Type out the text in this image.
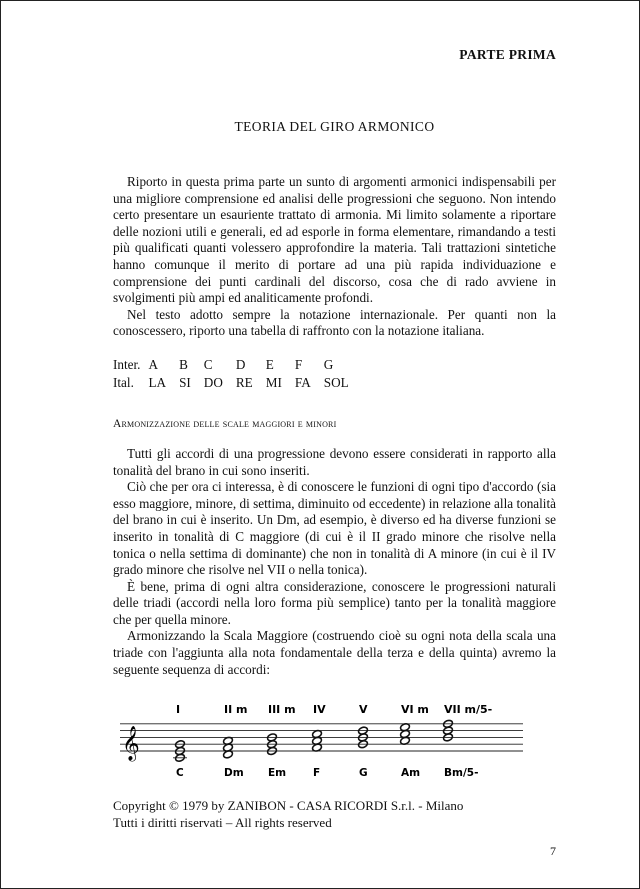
PARTE PRIMA
TEORIA DEL GIRO ARMONICO

Riporto in questa prima parte un sunto di argomenti armonici indispensabili per una migliore comprensione ed analisi delle progressioni che seguono. Non intendo certo presentare un esauriente trattato di armonia. Mi limito solamente a riportare delle nozioni utili e generali, ed ad esporle in forma elementare, rimandando a testi più qualificati quanti volessero approfondire la materia. Tali trattazioni sintetiche hanno comunque il merito di portare ad una più rapida individuazione e comprensione dei punti cardinali del discorso, cosa che di rado avviene in svolgimenti più ampi ed analiticamente profondi.

Nel testo adotto sempre la notazione internazionale. Per quanti non la conoscessero, riporto una tabella di raffronto con la notazione italiana.

Inter.	A	B	C	D	E	F	G
Ital.	LA	SI	DO	RE	MI	FA	SOL
Armonizzazione delle scale maggiori e minori

Tutti gli accordi di una progressione devono essere considerati in rapporto alla tonalità del brano in cui sono inseriti.

Ciò che per ora ci interessa, è di conoscere le funzioni di ogni tipo d'accordo (sia esso maggiore, minore, di settima, diminuito od eccedente) in relazione alla tonalità del brano in cui è inserito. Un Dm, ad esempio, è diverso ed ha diverse funzioni se inserito in tonalità di C maggiore (di cui è il II grado minore che risolve nella tonica o nella settima di dominante) che non in tonalità di A minore (in cui è il IV grado minore che risolve nel VII o nella tonica).

È bene, prima di ogni altra considerazione, conoscere le progressioni naturali delle triadi (accordi nella loro forma più semplice) tanto per la tonalità maggiore che per quella minore.

Armonizzando la Scala Maggiore (costruendo cioè su ogni nota della scala una triade con l'aggiunta alla nota fondamentale della terza e della quinta) avremo la seguente sequenza di accordi:

𝄞
I
C
II m
Dm
III m
Em
IV
F
V
G
VI m
Am
VII m/5-
Bm/5-
Copyright © 1979 by ZANIBON - CASA RICORDI S.r.l. - Milano
Tutti i diritti riservati – All rights reserved
7
